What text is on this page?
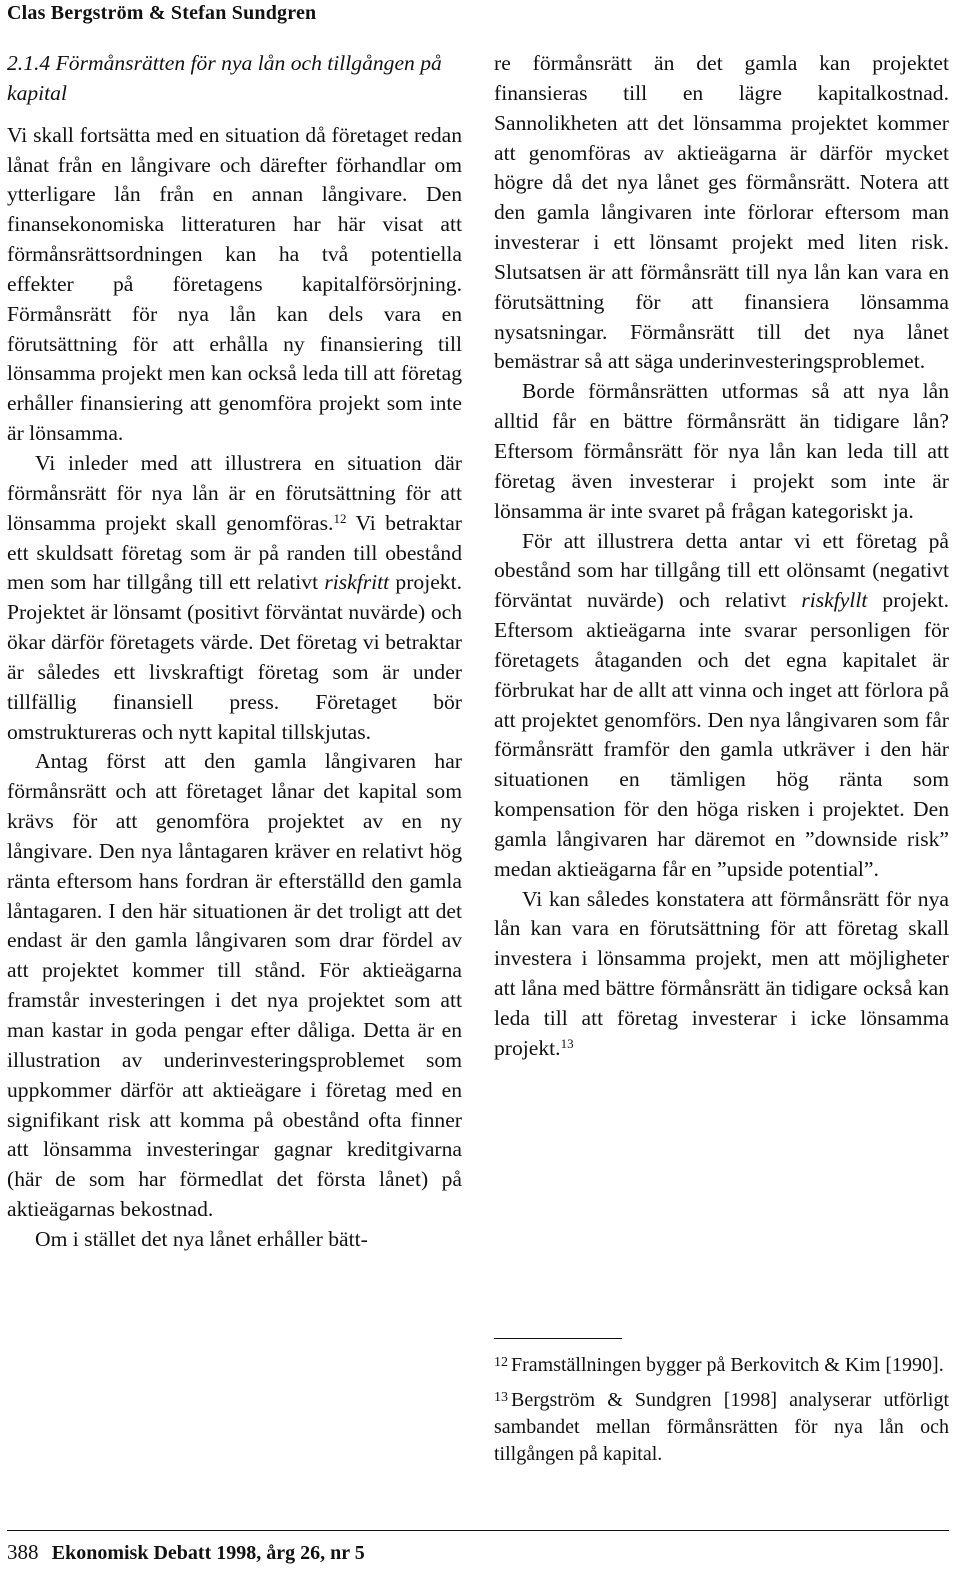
Clas Bergström & Stefan Sundgren
2.1.4 Förmånsrätten för nya lån och tillgången på kapital

Vi skall fortsätta med en situation då företaget redan lånat från en långivare och därefter förhandlar om ytterligare lån från en annan långivare. Den finansekonomiska litteraturen har här visat att förmånsrättsordningen kan ha två potentiella effekter på företagens kapitalförsörjning. Förmånsrätt för nya lån kan dels vara en förutsättning för att erhålla ny finansiering till lönsamma projekt men kan också leda till att företag erhåller finansiering att genomföra projekt som inte är lönsamma.

Vi inleder med att illustrera en situation där förmånsrätt för nya lån är en förutsättning för att lönsamma projekt skall genomföras.$^{12}$ Vi betraktar ett skuldsatt företag som är på randen till obestånd men som har tillgång till ett relativt riskfritt projekt. Projektet är lönsamt (positivt förväntat nuvärde) och ökar därför företagets värde. Det företag vi betraktar är således ett livskraftigt företag som är under tillfällig finansiell press. Företaget bör omstruktureras och nytt kapital tillskjutas.

Antag först att den gamla långivaren har förmånsrätt och att företaget lånar det kapital som krävs för att genomföra projektet av en ny långivare. Den nya låntagaren kräver en relativt hög ränta eftersom hans fordran är efterställd den gamla låntagaren. I den här situationen är det troligt att det endast är den gamla långivaren som drar fördel av att projektet kommer till stånd. För aktieägarna framstår investeringen i det nya projektet som att man kastar in goda pengar efter dåliga. Detta är en illustration av underinvesteringsproblemet som uppkommer därför att aktieägare i företag med en signifikant risk att komma på obestånd ofta finner att lönsamma investeringar gagnar kreditgivarna (här de som har förmedlat det första lånet) på aktieägarnas bekostnad.

Om i stället det nya lånet erhåller bätt-

re förmånsrätt än det gamla kan projektet finansieras till en lägre kapitalkostnad. Sannolikheten att det lönsamma projektet kommer att genomföras av aktieägarna är därför mycket högre då det nya lånet ges förmånsrätt. Notera att den gamla långivaren inte förlorar eftersom man investerar i ett lönsamt projekt med liten risk. Slutsatsen är att förmånsrätt till nya lån kan vara en förutsättning för att finansiera lönsamma nysatsningar. Förmånsrätt till det nya lånet bemästrar så att säga underinvesteringsproblemet.

Borde förmånsrätten utformas så att nya lån alltid får en bättre förmånsrätt än tidigare lån? Eftersom förmånsrätt för nya lån kan leda till att företag även investerar i projekt som inte är lönsamma är inte svaret på frågan kategoriskt ja.

För att illustrera detta antar vi ett företag på obestånd som har tillgång till ett olönsamt (negativt förväntat nuvärde) och relativt riskfyllt projekt. Eftersom aktieägarna inte svarar personligen för företagets åtaganden och det egna kapitalet är förbrukat har de allt att vinna och inget att förlora på att projektet genomförs. Den nya långivaren som får förmånsrätt framför den gamla utkräver i den här situationen en tämligen hög ränta som kompensation för den höga risken i projektet. Den gamla långivaren har däremot en ”downside risk” medan aktieägarna får en ”upside potential”.

Vi kan således konstatera att förmånsrätt för nya lån kan vara en förutsättning för att företag skall investera i lönsamma projekt, men att möjligheter att låna med bättre förmånsrätt än tidigare också kan leda till att företag investerar i icke lönsamma projekt.$^{13}$

$^{12}$ Framställningen bygger på Berkovitch & Kim [1990].

$^{13}$ Bergström & Sundgren [1998] analyserar utförligt sambandet mellan förmånsrätten för nya lån och tillgången på kapital.

388 Ekonomisk Debatt 1998, årg 26, nr 5
